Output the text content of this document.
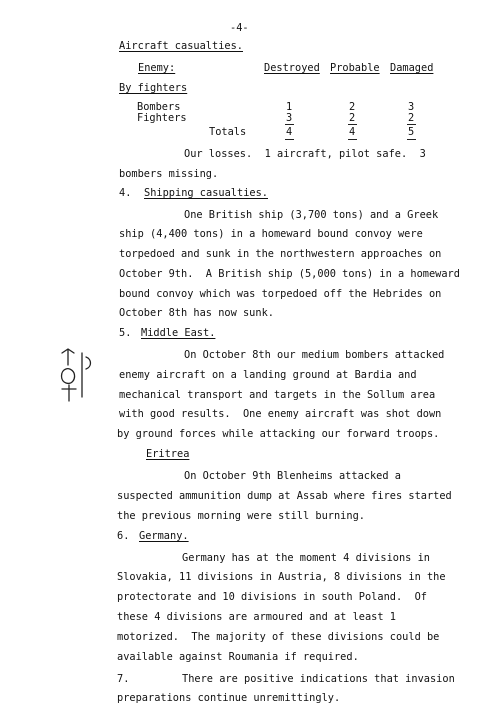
-4-
Aircraft casualties.
Enemy:	Destroyed Probable Damaged
By fighters
Bombers	1	2	3
Fighters	3	2	2
Totals	4	4	5
Our losses.  1 aircraft, pilot safe.  3
bombers missing.
4. Shipping casualties.
One British ship (3,700 tons) and a Greek
ship (4,400 tons) in a homeward bound convoy were
torpedoed and sunk in the northwestern approaches on
October 9th.  A British ship (5,000 tons) in a homeward
bound convoy which was torpedoed off the Hebrides on
October 8th has now sunk.
5. Middle East.
On October 8th our medium bombers attacked
enemy aircraft on a landing ground at Bardia and
mechanical transport and targets in the Sollum area
with good results.  One enemy aircraft was shot down
by ground forces while attacking our forward troops.
Eritrea
On October 9th Blenheims attacked a
suspected ammunition dump at Assab where fires started
the previous morning were still burning.
6. Germany.
Germany has at the moment 4 divisions in
Slovakia, 11 divisions in Austria, 8 divisions in the
protectorate and 10 divisions in south Poland.  Of
these 4 divisions are armoured and at least 1
motorized.  The majority of these divisions could be
available against Roumania if required.
7.	There are positive indications that invasion
preparations continue unremittingly.
